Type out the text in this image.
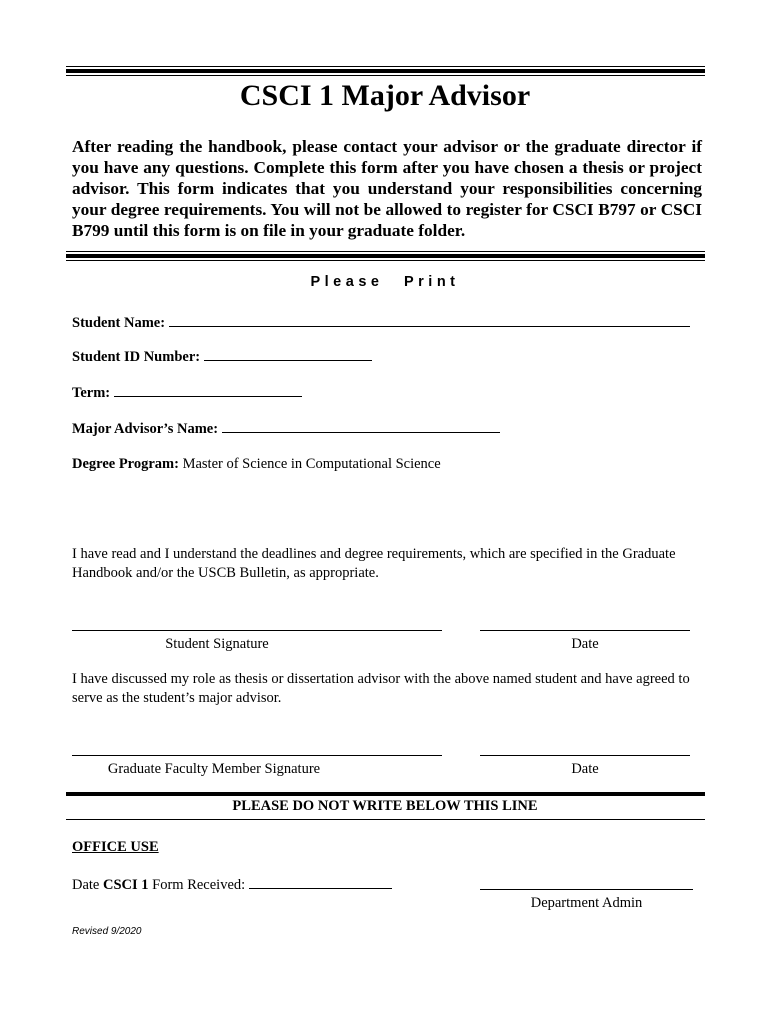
CSCI 1 Major Advisor
After reading the handbook, please contact your advisor or the graduate director if you have any questions. Complete this form after you have chosen a thesis or project advisor. This form indicates that you understand your responsibilities concerning your degree requirements. You will not be allowed to register for CSCI B797 or CSCI B799 until this form is on file in your graduate folder.
Please Print
Student Name:
Student ID Number:
Term:
Major Advisor’s Name:
Degree Program: Master of Science in Computational Science
I have read and I understand the deadlines and degree requirements, which are specified in the Graduate Handbook and/or the USCB Bulletin, as appropriate.
Student Signature	Date
I have discussed my role as thesis or dissertation advisor with the above named student and have agreed to serve as the student’s major advisor.
Graduate Faculty Member Signature	Date
PLEASE DO NOT WRITE BELOW THIS LINE
OFFICE USE
Date CSCI 1 Form Received:
Department Admin
Revised 9/2020
